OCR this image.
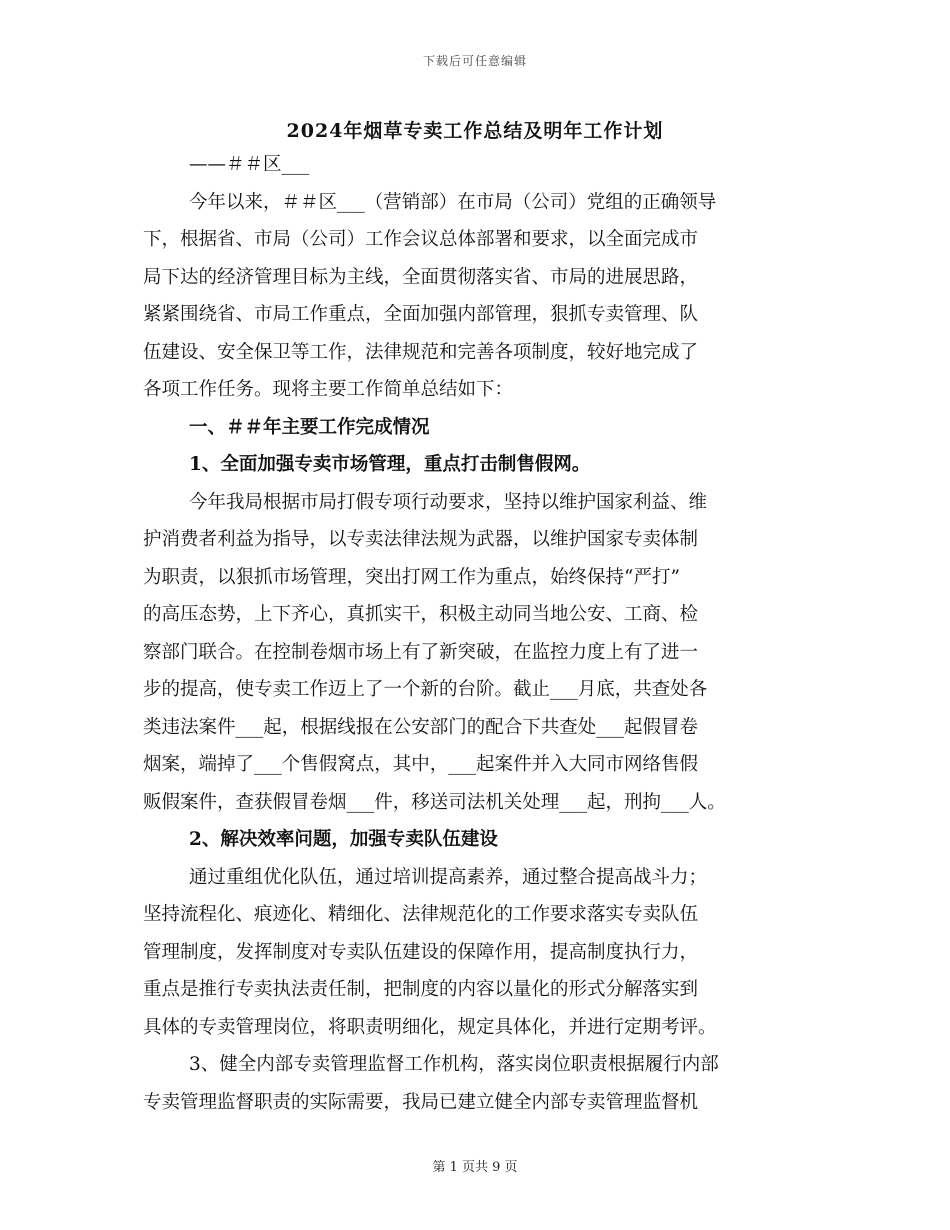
下载后可任意编辑
2024年烟草专卖工作总结及明年工作计划
——＃＃区___
今年以来，＃＃区___（营销部）在市局（公司）党组的正确领导
下，根据省、市局（公司）工作会议总体部署和要求，以全面完成市
局下达的经济管理目标为主线，全面贯彻落实省、市局的进展思路，
紧紧围绕省、市局工作重点，全面加强内部管理，狠抓专卖管理、队
伍建设、安全保卫等工作，法律规范和完善各项制度，较好地完成了
各项工作任务。现将主要工作简单总结如下：
一、＃＃年主要工作完成情况
1、全面加强专卖市场管理，重点打击制售假网。
今年我局根据市局打假专项行动要求，坚持以维护国家利益、维
护消费者利益为指导，以专卖法律法规为武器，以维护国家专卖体制
为职责，以狠抓市场管理，突出打网工作为重点，始终保持“严打”
的高压态势，上下齐心，真抓实干，积极主动同当地公安、工商、检
察部门联合。在控制卷烟市场上有了新突破，在监控力度上有了进一
步的提高，使专卖工作迈上了一个新的台阶。截止___月底，共查处各
类违法案件___起，根据线报在公安部门的配合下共查处___起假冒卷
烟案，端掉了___个售假窝点，其中，___起案件并入大同市网络售假
贩假案件，查获假冒卷烟___件，移送司法机关处理___起，刑拘___人。
2、解决效率问题，加强专卖队伍建设
通过重组优化队伍，通过培训提高素养，通过整合提高战斗力；
坚持流程化、痕迹化、精细化、法律规范化的工作要求落实专卖队伍
管理制度，发挥制度对专卖队伍建设的保障作用，提高制度执行力，
重点是推行专卖执法责任制，把制度的内容以量化的形式分解落实到
具体的专卖管理岗位，将职责明细化，规定具体化，并进行定期考评。
3、健全内部专卖管理监督工作机构，落实岗位职责根据履行内部
专卖管理监督职责的实际需要，我局已建立健全内部专卖管理监督机
第 1 页共 9 页
